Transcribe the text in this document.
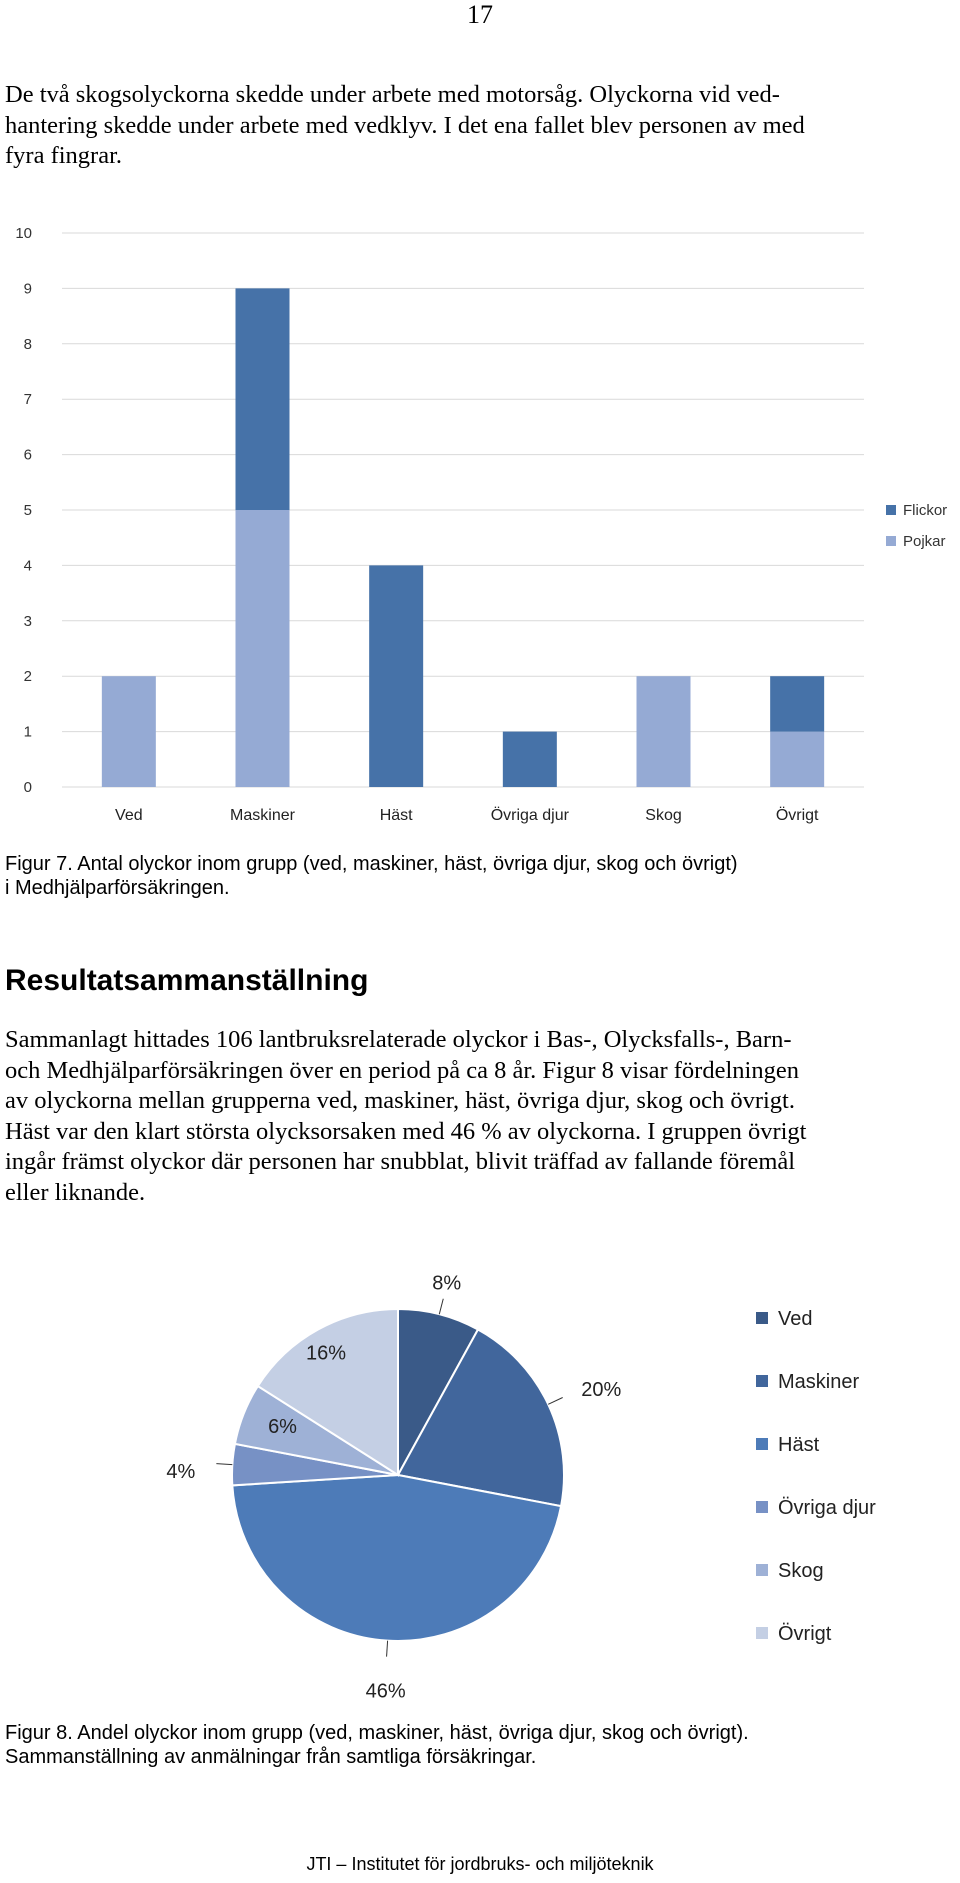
17
De två skogsolyckorna skedde under arbete med motorsåg. Olyckorna vid ved-
hantering skedde under arbete med vedklyv. I det ena fallet blev personen av med
fyra fingrar.
0
1
2
3
4
5
6
7
8
9
10
Ved	Maskiner	Häst	Övriga djur	Skog	Övrigt
Flickor
Pojkar
Figur 7. Antal olyckor inom grupp (ved, maskiner, häst, övriga djur, skog och övrigt)
i Medhjälparförsäkringen.
Resultatsammanställning
Sammanlagt hittades 106 lantbruksrelaterade olyckor i Bas-, Olycksfalls-, Barn-
och Medhjälparförsäkringen över en period på ca 8 år. Figur 8 visar fördelningen
av olyckorna mellan grupperna ved, maskiner, häst, övriga djur, skog och övrigt.
Häst var den klart största olycksorsaken med 46 % av olyckorna. I gruppen övrigt
ingår främst olyckor där personen har snubblat, blivit träffad av fallande föremål
eller liknande.
8%
20%
46%
4%
6%
16%
Ved
Maskiner
Häst
Övriga djur
Skog
Övrigt
Figur 8. Andel olyckor inom grupp (ved, maskiner, häst, övriga djur, skog och övrigt).
Sammanställning av anmälningar från samtliga försäkringar.
JTI – Institutet för jordbruks- och miljöteknik
